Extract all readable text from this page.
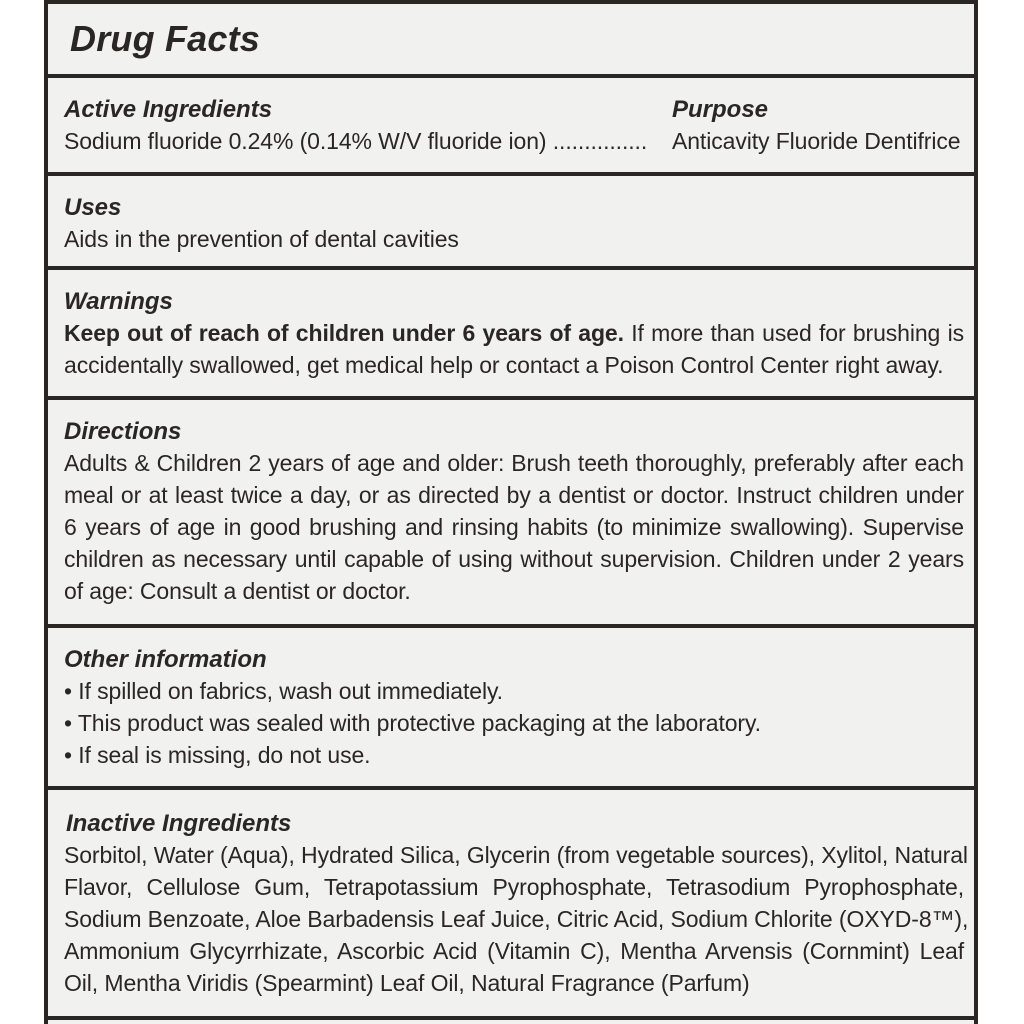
Drug Facts
Active Ingredients	Purpose
Sodium fluoride 0.24% (0.14% W/V fluoride ion) ............... Anticavity Fluoride Dentifrice
Uses
Aids in the prevention of dental cavities
Warnings
Keep out of reach of children under 6 years of age. If more than used for brushing is
accidentally swallowed, get medical help or contact a Poison Control Center right away.
Directions
Adults & Children 2 years of age and older: Brush teeth thoroughly, preferably after each
meal or at least twice a day, or as directed by a dentist or doctor. Instruct children under
6 years of age in good brushing and rinsing habits (to minimize swallowing). Supervise
children as necessary until capable of using without supervision. Children under 2 years
of age: Consult a dentist or doctor.
Other information
• If spilled on fabrics, wash out immediately.
• This product was sealed with protective packaging at the laboratory.
• If seal is missing, do not use.
Inactive Ingredients
Sorbitol, Water (Aqua), Hydrated Silica, Glycerin (from vegetable sources), Xylitol, Natural
Flavor, Cellulose Gum, Tetrapotassium Pyrophosphate, Tetrasodium Pyrophosphate,
Sodium Benzoate, Aloe Barbadensis Leaf Juice, Citric Acid, Sodium Chlorite (OXYD-8™),
Ammonium Glycyrrhizate, Ascorbic Acid (Vitamin C), Mentha Arvensis (Cornmint) Leaf
Oil, Mentha Viridis (Spearmint) Leaf Oil, Natural Fragrance (Parfum)
